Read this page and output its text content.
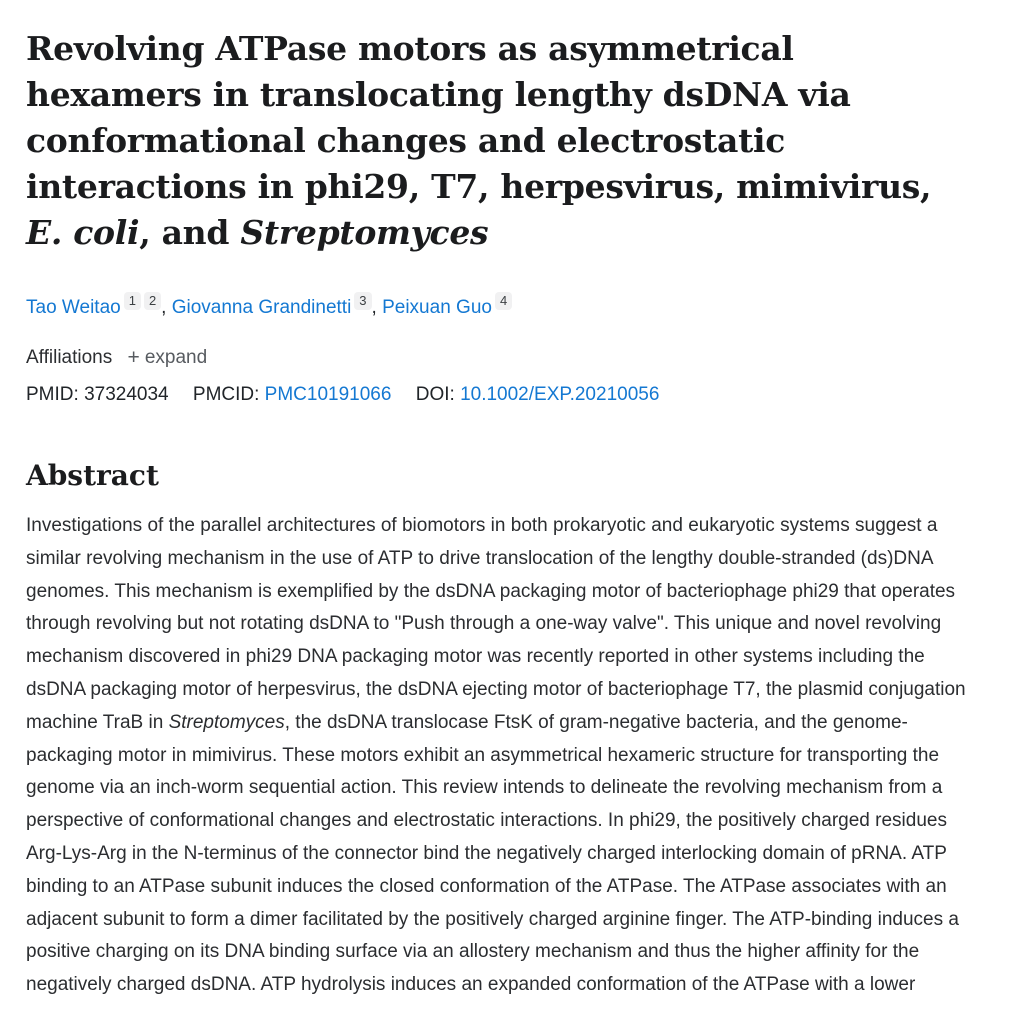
Revolving ATPase motors as asymmetrical hexamers in translocating lengthy dsDNA via conformational changes and electrostatic interactions in phi29, T7, herpesvirus, mimivirus, E. coli, and Streptomyces
Tao Weitao 1 2 , Giovanna Grandinetti 3 , Peixuan Guo 4
Affiliations + expand
PMID: 37324034 PMCID: PMC10191066 DOI: 10.1002/EXP.20210056
Abstract

Investigations of the parallel architectures of biomotors in both prokaryotic and eukaryotic systems suggest a similar revolving mechanism in the use of ATP to drive translocation of the lengthy double-stranded (ds)DNA genomes. This mechanism is exemplified by the dsDNA packaging motor of bacteriophage phi29 that operates through revolving but not rotating dsDNA to "Push through a one-way valve". This unique and novel revolving mechanism discovered in phi29 DNA packaging motor was recently reported in other systems including the dsDNA packaging motor of herpesvirus, the dsDNA ejecting motor of bacteriophage T7, the plasmid conjugation machine TraB in Streptomyces, the dsDNA translocase FtsK of gram-negative bacteria, and the genome-packaging motor in mimivirus. These motors exhibit an asymmetrical hexameric structure for transporting the genome via an inch-worm sequential action. This review intends to delineate the revolving mechanism from a perspective of conformational changes and electrostatic interactions. In phi29, the positively charged residues Arg-Lys-Arg in the N-terminus of the connector bind the negatively charged interlocking domain of pRNA. ATP binding to an ATPase subunit induces the closed conformation of the ATPase. The ATPase associates with an adjacent subunit to form a dimer facilitated by the positively charged arginine finger. The ATP-binding induces a positive charging on its DNA binding surface via an allostery mechanism and thus the higher affinity for the negatively charged dsDNA. ATP hydrolysis induces an expanded conformation of the ATPase with a lower
